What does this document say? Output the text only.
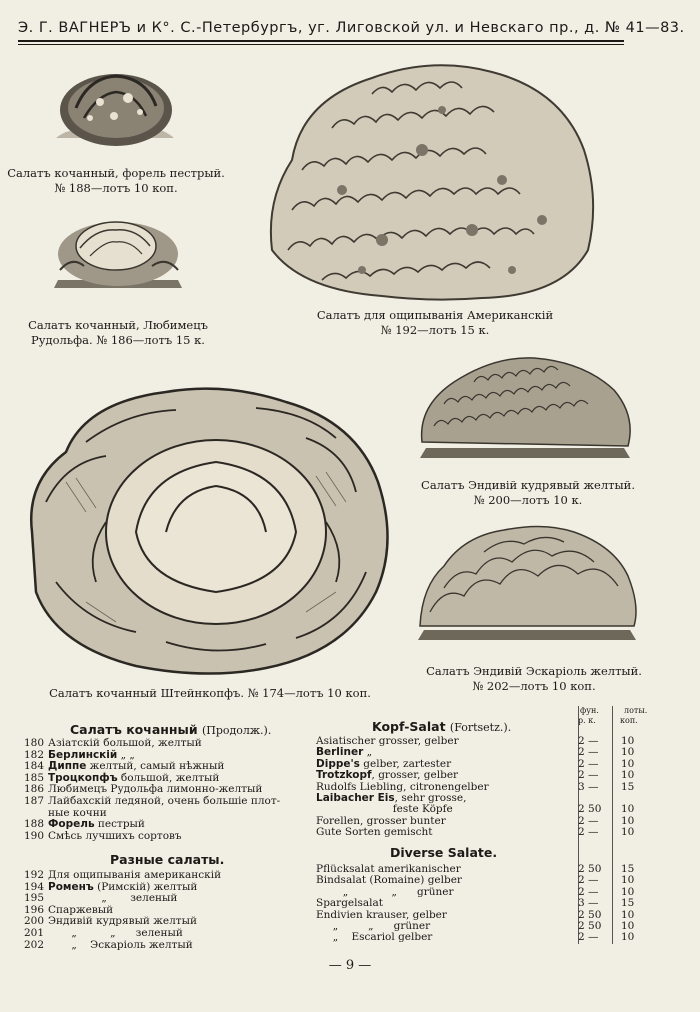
Э. Г. ВАГНЕРЪ и К°. С.-Петербургъ, уг. Лиговской ул. и Невскаго пр., д. № 41—83.
Салатъ кочанный, форель пестрый.
№ 188—лотъ 10 коп.
Салатъ кочанный, Любимецъ
Рудольфа. № 186—лотъ 15 к.
Салатъ для ощипыванія Американскій
№ 192—лотъ 15 к.
Салатъ Эндивій кудрявый желтый.
№ 200—лотъ 10 к.
Салатъ кочанный Штейнкопфъ. № 174—лотъ 10 коп.
Салатъ Эндивій Эскаріоль желтый.
№ 202—лотъ 10 коп.
Салатъ кочанный (Продолж.).
180 Азіатскій большой, желтый
182 Берлинскій „ „
184 Диппе желтый, самый нѣжный
185 Троцкопфъ большой, желтый
186 Любимецъ Рудольфа лимонно-желтый
187 Лайбахскій ледяной, очень большіе плот-
ные кочни
188 Форель пестрый
190 Смѣсь лучшихъ сортовъ
Разные салаты.
192 Для ощипыванія американскій
194 Роменъ (Римскій) желтый
195 „       зеленый
196 Спаржевый
200 Эндивій кудрявый желтый
201 „          „      зеленый
202 „    Эскаріоль желтый
Kopf-Salat (Fortsetz.).
фун.	лоты.
р. к.	коп.
Asiatischer grosser, gelber	2 —	10
Berliner „	2 —	10
Dippe's gelber, zartester	2 —	10
Trotzkopf, grosser, gelber	2 —	10
Rudolfs Liebling, citronengelber	3 —	15
Laibacher Eis, sehr grosse,
feste Köpfe	2 50	10
Forellen, grosser bunter	2 —	10
Gute Sorten gemischt	2 —	10
Diverse Salate.
Pflücksalat amerikanischer	2 50	15
Bindsalat (Romaine) gelber	2 —	10
„             „      grüner	2 —	10
Spargelsalat	3 —	15
Endivien krauser, gelber	2 50	10
„         „      grüner	2 50	10
„    Escariol gelber	2 —	10
— 9 —
